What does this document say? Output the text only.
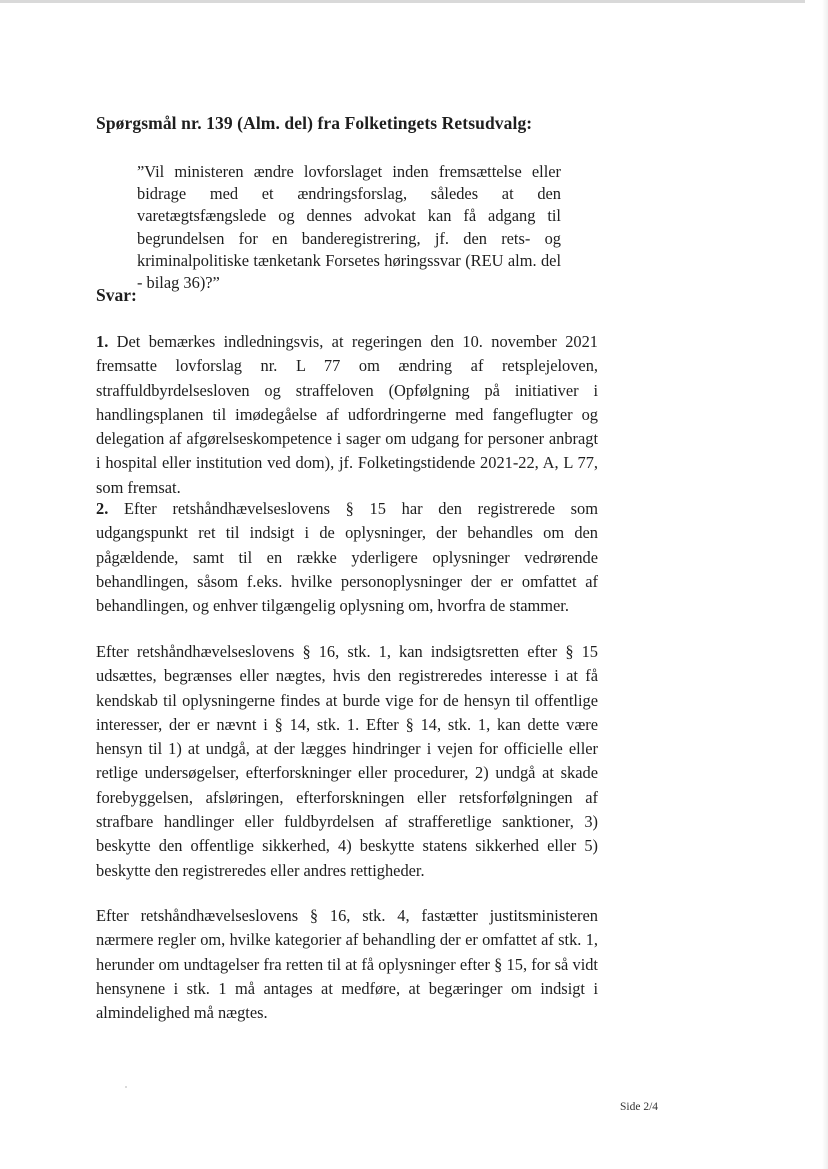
Spørgsmål nr. 139 (Alm. del) fra Folketingets Retsudvalg:
”Vil ministeren ændre lovforslaget inden fremsættelse eller bidrage med et ændringsforslag, således at den varetægtsfængslede og dennes advokat kan få adgang til begrundelsen for en banderegistrering, jf. den rets- og kriminalpolitiske tænketank Forsetes høringssvar (REU alm. del - bilag 36)?”
Svar:
1. Det bemærkes indledningsvis, at regeringen den 10. november 2021 fremsatte lovforslag nr. L 77 om ændring af retsplejeloven, straffuldbyrdelsesloven og straffeloven (Opfølgning på initiativer i handlingsplanen til imødegåelse af udfordringerne med fangeflugter og delegation af afgørelseskompetence i sager om udgang for personer anbragt i hospital eller institution ved dom), jf. Folketingstidende 2021-22, A, L 77, som fremsat.
2. Efter retshåndhævelseslovens § 15 har den registrerede som udgangspunkt ret til indsigt i de oplysninger, der behandles om den pågældende, samt til en række yderligere oplysninger vedrørende behandlingen, såsom f.eks. hvilke personoplysninger der er omfattet af behandlingen, og enhver tilgængelig oplysning om, hvorfra de stammer.
Efter retshåndhævelseslovens § 16, stk. 1, kan indsigtsretten efter § 15 udsættes, begrænses eller nægtes, hvis den registreredes interesse i at få kendskab til oplysningerne findes at burde vige for de hensyn til offentlige interesser, der er nævnt i § 14, stk. 1. Efter § 14, stk. 1, kan dette være hensyn til 1) at undgå, at der lægges hindringer i vejen for officielle eller retlige undersøgelser, efterforskninger eller procedurer, 2) undgå at skade forebyggelsen, afsløringen, efterforskningen eller retsforfølgningen af strafbare handlinger eller fuldbyrdelsen af strafferetlige sanktioner, 3) beskytte den offentlige sikkerhed, 4) beskytte statens sikkerhed eller 5) beskytte den registreredes eller andres rettigheder.
Efter retshåndhævelseslovens § 16, stk. 4, fastætter justitsministeren nærmere regler om, hvilke kategorier af behandling der er omfattet af stk. 1, herunder om undtagelser fra retten til at få oplysninger efter § 15, for så vidt hensynene i stk. 1 må antages at medføre, at begæringer om indsigt i almindelighed må nægtes.
Side 2/4
